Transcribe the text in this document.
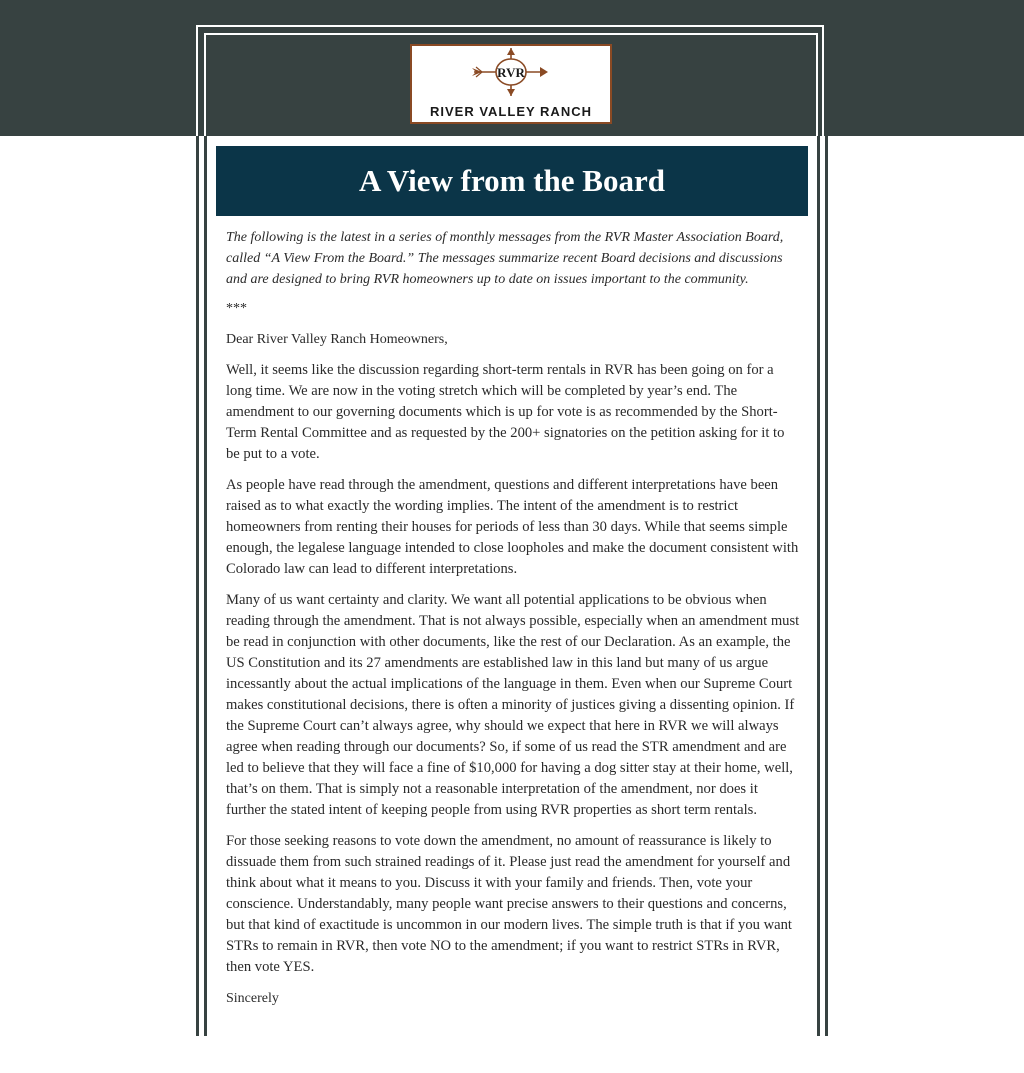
RVR
RIVER VALLEY RANCH
A View from the Board

The following is the latest in a series of monthly messages from the RVR Master Association Board, called “A View From the Board.” The messages summarize recent Board decisions and discussions and are designed to bring RVR homeowners up to date on issues important to the community.

***

Dear River Valley Ranch Homeowners,

Well, it seems like the discussion regarding short-term rentals in RVR has been going on for a long time. We are now in the voting stretch which will be completed by year’s end. The amendment to our governing documents which is up for vote is as recommended by the Short-Term Rental Committee and as requested by the 200+ signatories on the petition asking for it to be put to a vote.

As people have read through the amendment, questions and different interpretations have been raised as to what exactly the wording implies. The intent of the amendment is to restrict homeowners from renting their houses for periods of less than 30 days. While that seems simple enough, the legalese language intended to close loopholes and make the document consistent with Colorado law can lead to different interpretations.

Many of us want certainty and clarity. We want all potential applications to be obvious when reading through the amendment. That is not always possible, especially when an amendment must be read in conjunction with other documents, like the rest of our Declaration. As an example, the US Constitution and its 27 amendments are established law in this land but many of us argue incessantly about the actual implications of the language in them. Even when our Supreme Court makes constitutional decisions, there is often a minority of justices giving a dissenting opinion. If the Supreme Court can’t always agree, why should we expect that here in RVR we will always agree when reading through our documents? So, if some of us read the STR amendment and are led to believe that they will face a fine of $10,000 for having a dog sitter stay at their home, well, that’s on them. That is simply not a reasonable interpretation of the amendment, nor does it further the stated intent of keeping people from using RVR properties as short term rentals.

For those seeking reasons to vote down the amendment, no amount of reassurance is likely to dissuade them from such strained readings of it. Please just read the amendment for yourself and think about what it means to you. Discuss it with your family and friends. Then, vote your conscience. Understandably, many people want precise answers to their questions and concerns, but that kind of exactitude is uncommon in our modern lives. The simple truth is that if you want STRs to remain in RVR, then vote NO to the amendment; if you want to restrict STRs in RVR, then vote YES.

Sincerely
